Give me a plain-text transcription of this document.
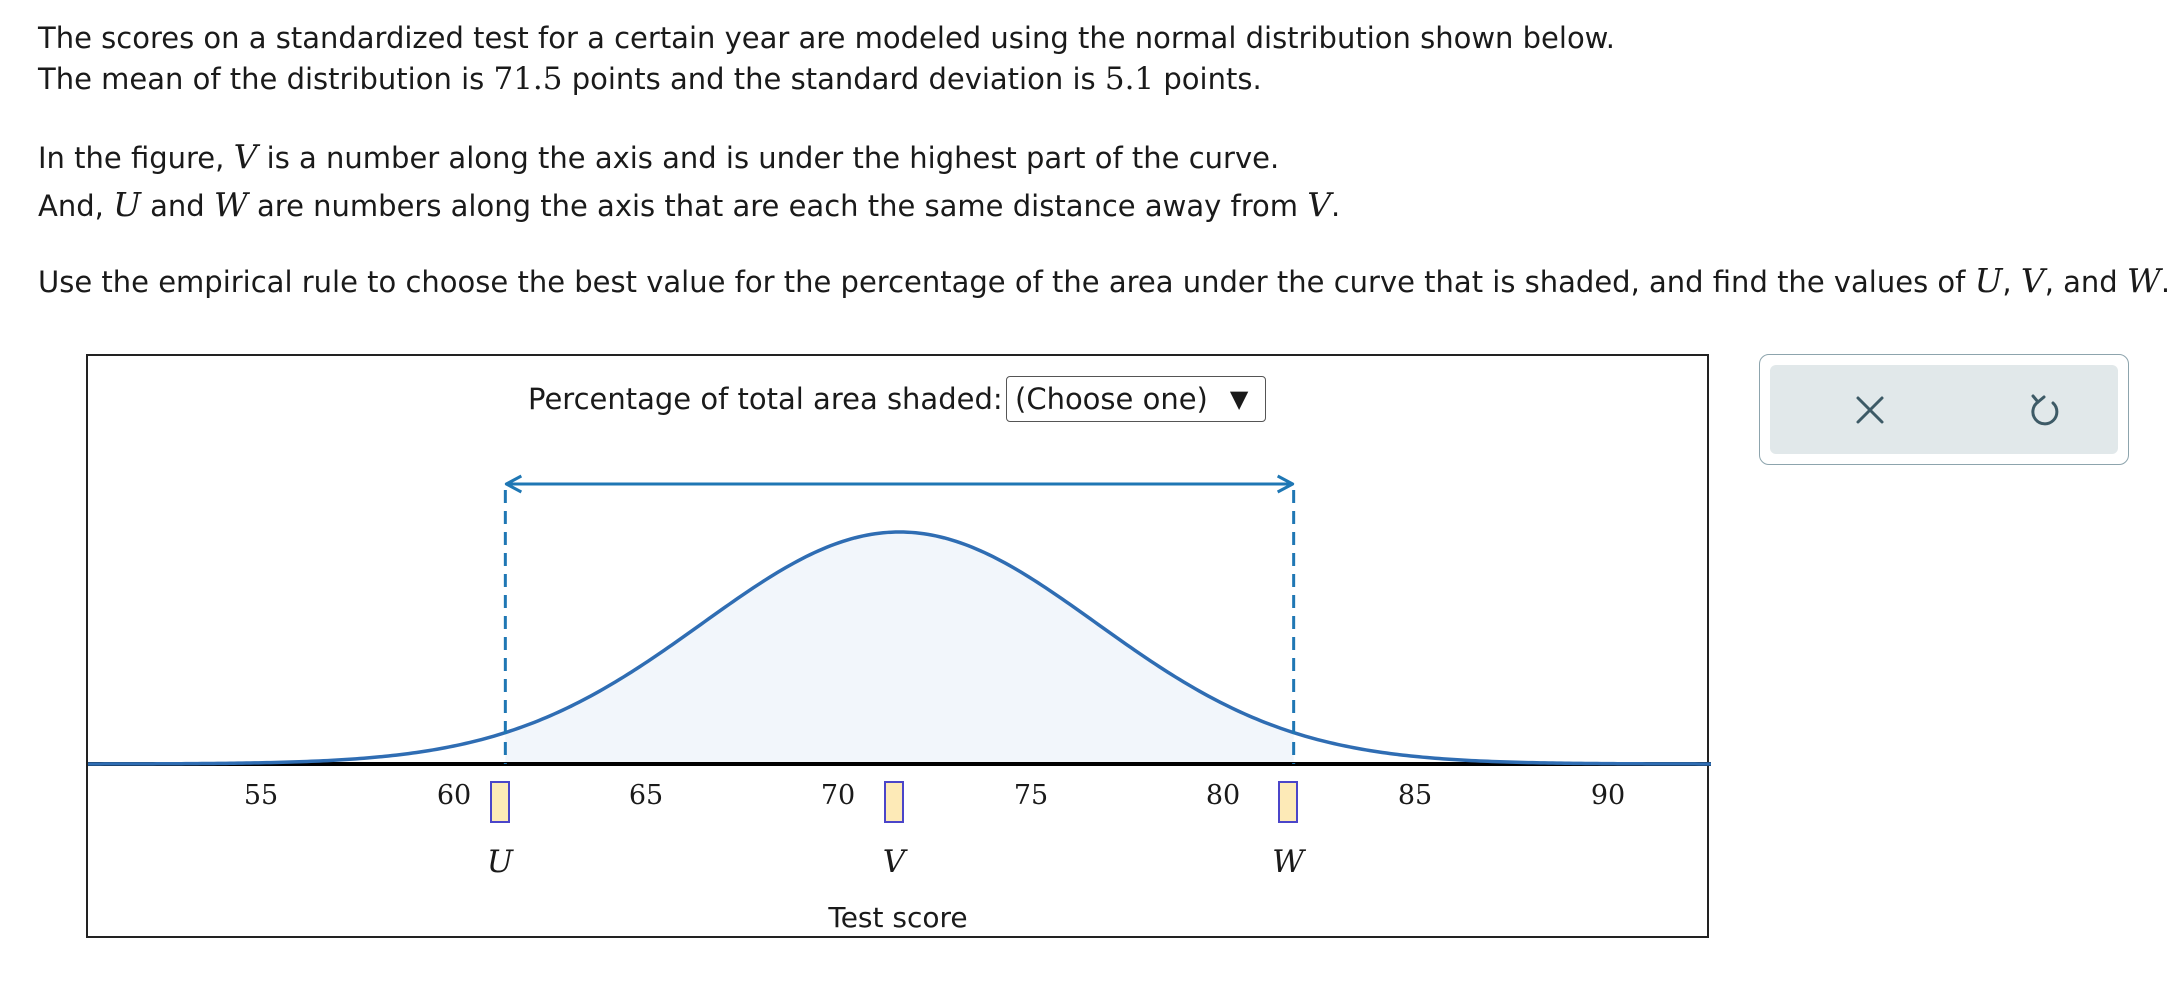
The scores on a standardized test for a certain year are modeled using the normal distribution shown below.
The mean of the distribution is 71.5 points and the standard deviation is 5.1 points.
In the figure, V is a number along the axis and is under the highest part of the curve.
And, U and W are numbers along the axis that are each the same distance away from V.
Use the empirical rule to choose the best value for the percentage of the area under the curve that is shaded, and find the values of U, V, and W.
Percentage of total area shaded: (Choose one) ▼
55	60	65	70	75	80	85	90
U	V	W
Test score
